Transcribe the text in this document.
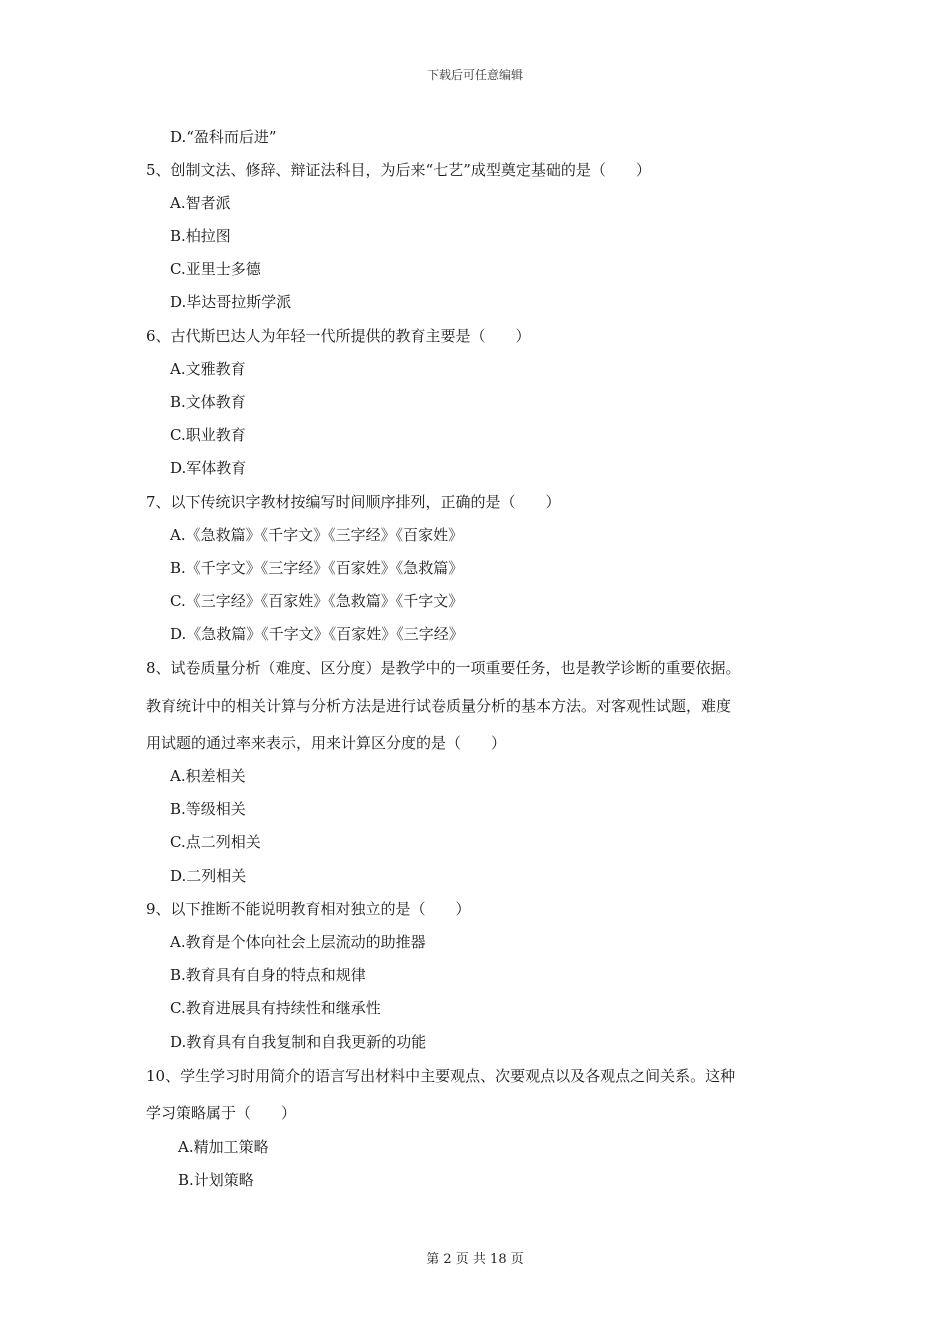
下载后可任意编辑
D.“盈科而后进”
5、创制文法、修辞、辩证法科目，为后来“七艺”成型奠定基础的是（　　）
A.智者派
B.柏拉图
C.亚里士多德
D.毕达哥拉斯学派
6、古代斯巴达人为年轻一代所提供的教育主要是（　　）
A.文雅教育
B.文体教育
C.职业教育
D.军体教育
7、以下传统识字教材按编写时间顺序排列，正确的是（　　）
A.《急救篇》《千字文》《三字经》《百家姓》
B.《千字文》《三字经》《百家姓》《急救篇》
C.《三字经》《百家姓》《急救篇》《千字文》
D.《急救篇》《千字文》《百家姓》《三字经》
8、试卷质量分析（难度、区分度）是教学中的一项重要任务，也是教学诊断的重要依据。
教育统计中的相关计算与分析方法是进行试卷质量分析的基本方法。对客观性试题，难度
用试题的通过率来表示，用来计算区分度的是（　　）
A.积差相关
B.等级相关
C.点二列相关
D.二列相关
9、以下推断不能说明教育相对独立的是（　　）
A.教育是个体向社会上层流动的助推器
B.教育具有自身的特点和规律
C.教育进展具有持续性和继承性
D.教育具有自我复制和自我更新的功能
10、学生学习时用简介的语言写出材料中主要观点、次要观点以及各观点之间关系。这种
学习策略属于（　　）
A.精加工策略
B.计划策略
第 2 页 共 18 页
